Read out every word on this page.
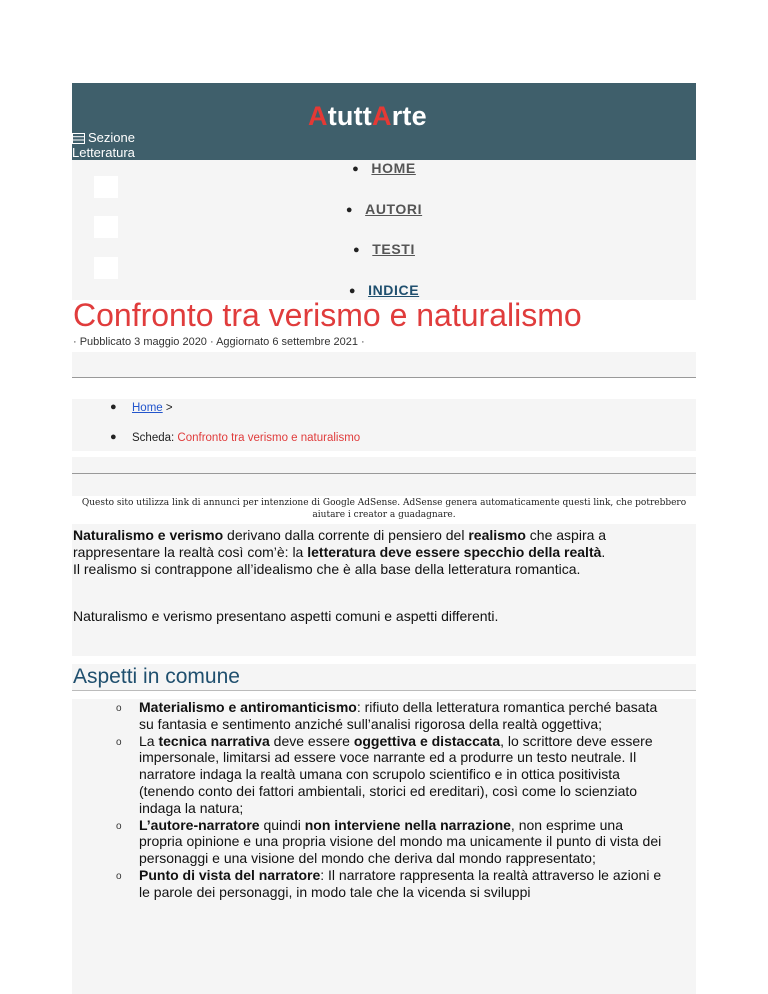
AtuttArte
Sezione Letteratura
● HOME
● AUTORI
● TESTI
● INDICE
Confronto tra verismo e naturalismo
· Pubblicato 3 maggio 2020 · Aggiornato 6 settembre 2021 ·
● Home >
● Scheda: Confronto tra verismo e naturalismo
Questo sito utilizza link di annunci per intenzione di Google AdSense. AdSense genera automaticamente questi link, che potrebbero aiutare i creator a guadagnare.
Naturalismo e verismo derivano dalla corrente di pensiero del realismo che aspira a rappresentare la realtà così com’è: la letteratura deve essere specchio della realtà.
Il realismo si contrappone all’idealismo che è alla base della letteratura romantica.
Naturalismo e verismo presentano aspetti comuni e aspetti differenti.
Aspetti in comune
o Materialismo e antiromanticismo: rifiuto della letteratura romantica perché basata su fantasia e sentimento anziché sull’analisi rigorosa della realtà oggettiva;
o La tecnica narrativa deve essere oggettiva e distaccata, lo scrittore deve essere impersonale, limitarsi ad essere voce narrante ed a produrre un testo neutrale. Il narratore indaga la realtà umana con scrupolo scientifico e in ottica positivista (tenendo conto dei fattori ambientali, storici ed ereditari), così come lo scienziato indaga la natura;
o L’autore-narratore quindi non interviene nella narrazione, non esprime una propria opinione e una propria visione del mondo ma unicamente il punto di vista dei personaggi e una visione del mondo che deriva dal mondo rappresentato;
o Punto di vista del narratore: Il narratore rappresenta la realtà attraverso le azioni e le parole dei personaggi, in modo tale che la vicenda si sviluppi
